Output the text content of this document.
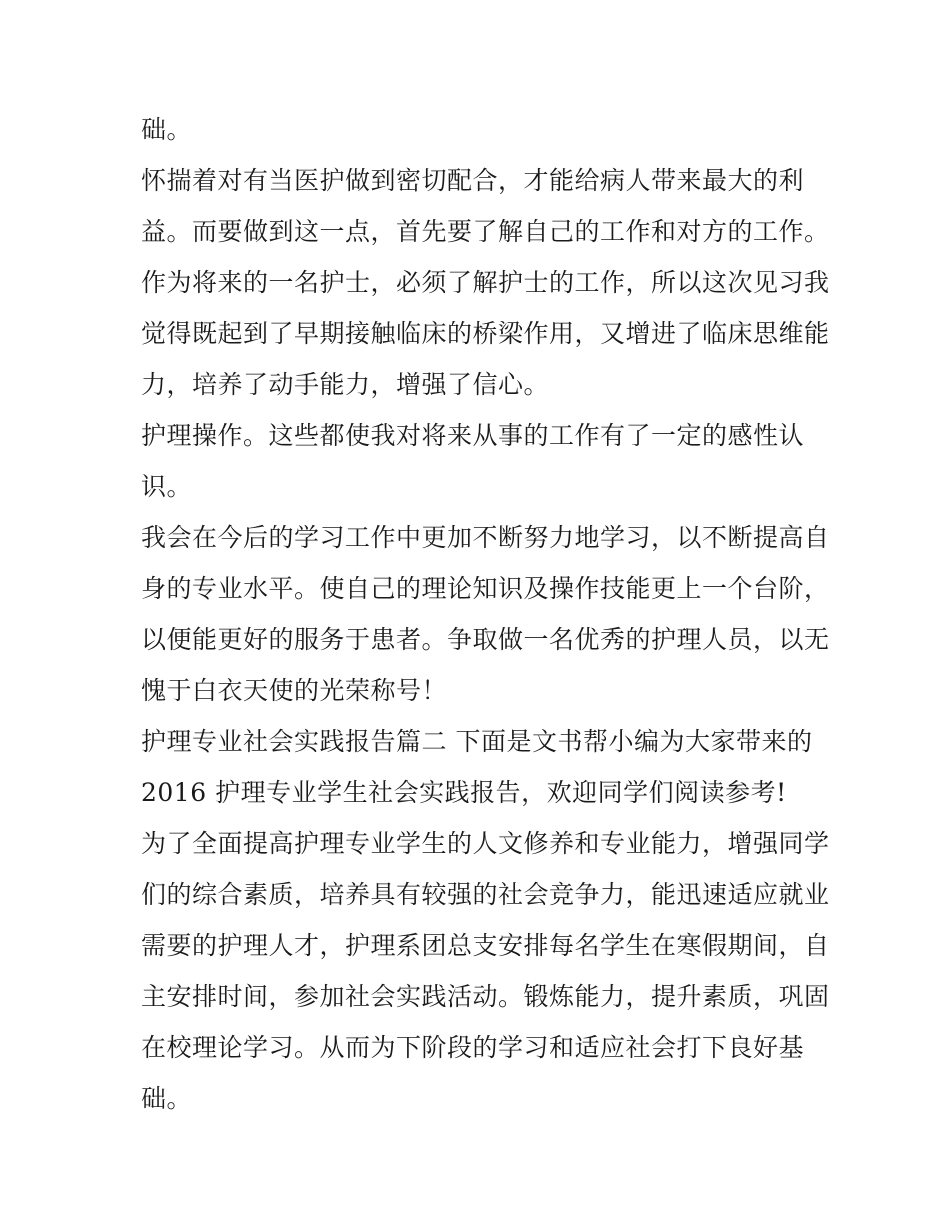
础。
怀揣着对有当医护做到密切配合，才能给病人带来最大的利
益。而要做到这一点，首先要了解自己的工作和对方的工作。
作为将来的一名护士，必须了解护士的工作，所以这次见习我
觉得既起到了早期接触临床的桥梁作用，又增进了临床思维能
力，培养了动手能力，增强了信心。
护理操作。这些都使我对将来从事的工作有了一定的感性认
识。
我会在今后的学习工作中更加不断努力地学习，以不断提高自
身的专业水平。使自己的理论知识及操作技能更上一个台阶，
以便能更好的服务于患者。争取做一名优秀的护理人员，以无
愧于白衣天使的光荣称号！
护理专业社会实践报告篇二 下面是文书帮小编为大家带来的
2016 护理专业学生社会实践报告，欢迎同学们阅读参考!
为了全面提高护理专业学生的人文修养和专业能力，增强同学
们的综合素质，培养具有较强的社会竞争力，能迅速适应就业
需要的护理人才，护理系团总支安排每名学生在寒假期间，自
主安排时间，参加社会实践活动。锻炼能力，提升素质，巩固
在校理论学习。从而为下阶段的学习和适应社会打下良好基
础。
